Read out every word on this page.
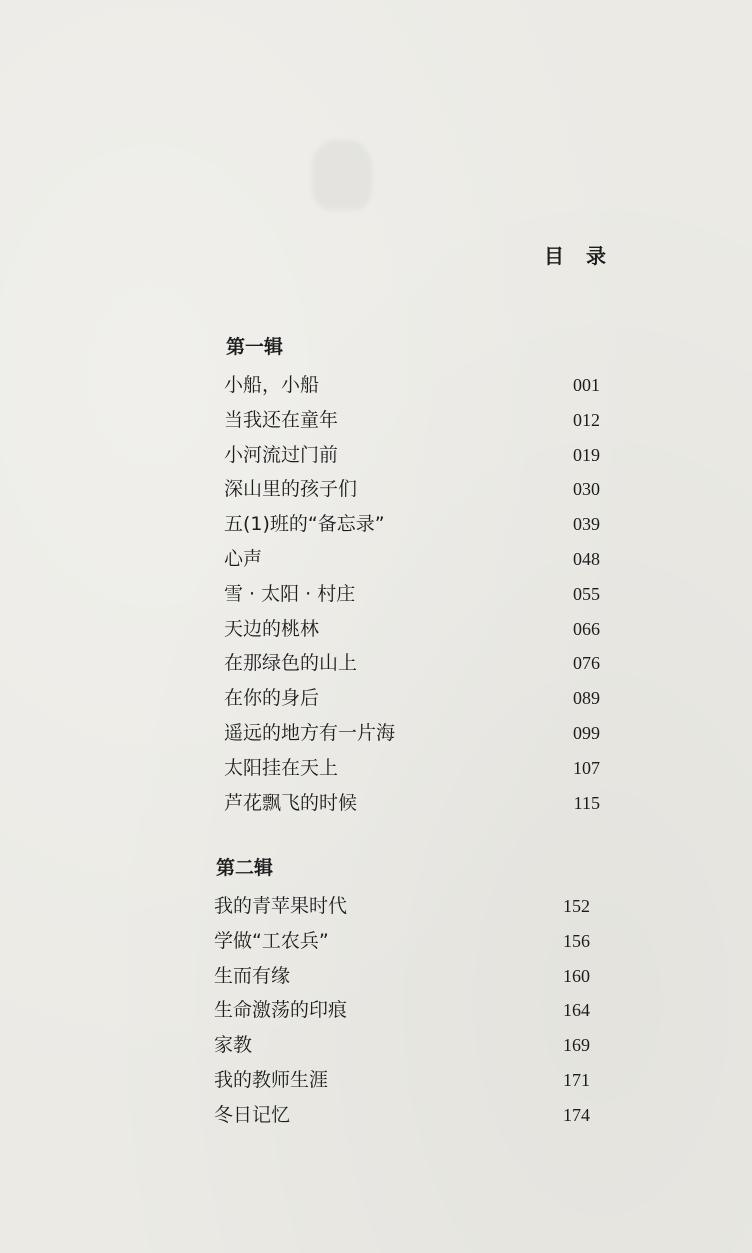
目录
第一辑
小船，小船	001
当我还在童年	012
小河流过门前	019
深山里的孩子们	030
五(1)班的“备忘录”	039
心声	048
雪 · 太阳 · 村庄	055
天边的桃林	066
在那绿色的山上	076
在你的身后	089
遥远的地方有一片海	099
太阳挂在天上	107
芦花飘飞的时候	115
第二辑
我的青苹果时代	152
学做“工农兵”	156
生而有缘	160
生命激荡的印痕	164
家教	169
我的教师生涯	171
冬日记忆	174
